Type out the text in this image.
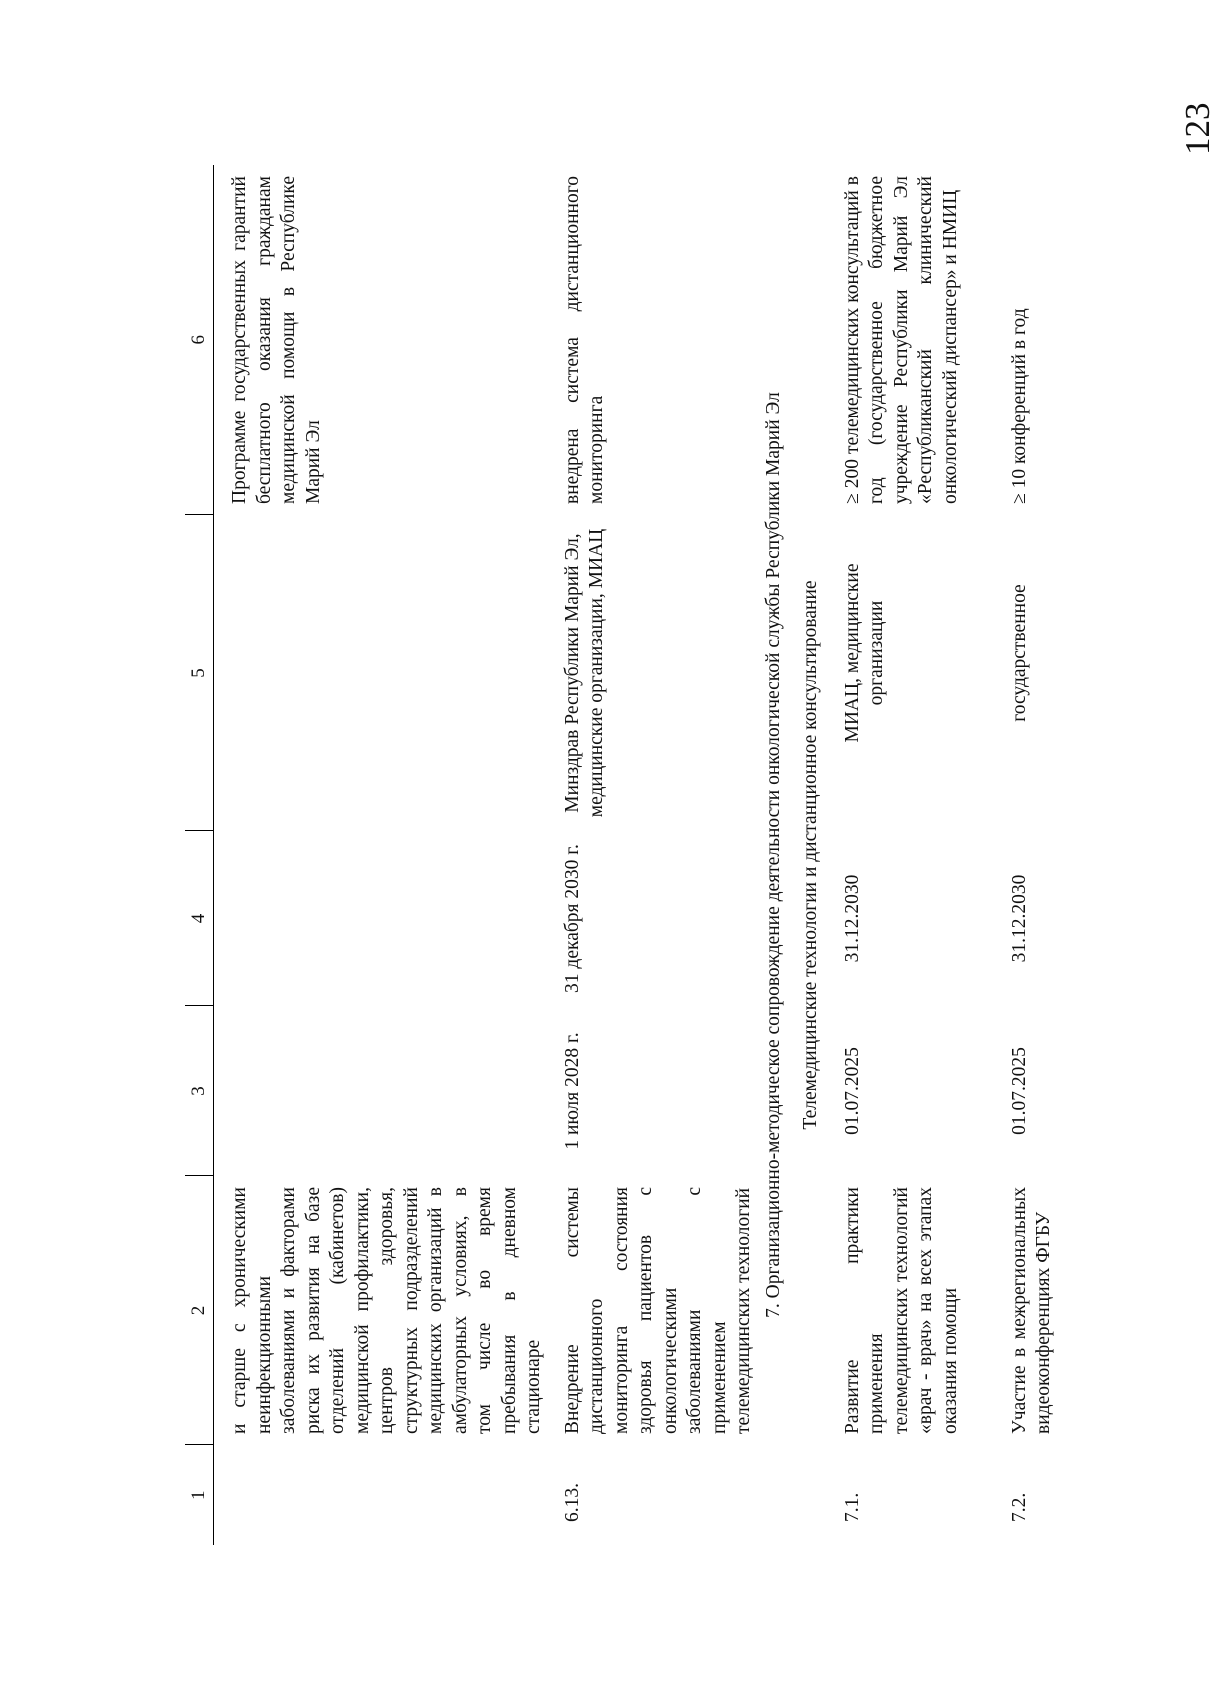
123
1	2	3	4	5	6
	и старше с хроническими неинфекционными заболеваниями и факторами риска их развития на базе отделений (кабинетов) медицинской профилактики, центров здоровья, структурных подразделений медицинских организаций в амбулаторных условиях, в том числе во время пребывания в дневном стационаре				Программе государственных гарантий бесплатного оказания гражданам медицинской помощи в Республике Марий Эл
6.13.	Внедрение системы дистанционного мониторинга состояния здоровья пациентов с онкологическими заболеваниями с применением телемедицинских технологий	1 июля 2028 г.	31 декабря 2030 г.	Минздрав Республики Марий Эл, медицинские организации, МИАЦ	внедрена система дистанционного мониторинга
7. Организационно-методическое сопровождение деятельности онкологической службы Республики Марий Эл					
Телемедицинские технологии и дистанционное консультирование					
7.1.	Развитие практики применения телемедицинских технологий «врач - врач» на всех этапах оказания помощи	01.07.2025	31.12.2030	МИАЦ, медицинские организации	≥ 200 телемедицинских консультаций в год (государственное бюджетное учреждение Республики Марий Эл «Республиканский клинический онкологический диспансер» и НМИЦ
7.2.	Участие в межрегиональных видеоконференциях ФГБУ	01.07.2025	31.12.2030	государственное	≥ 10 конференций в год
